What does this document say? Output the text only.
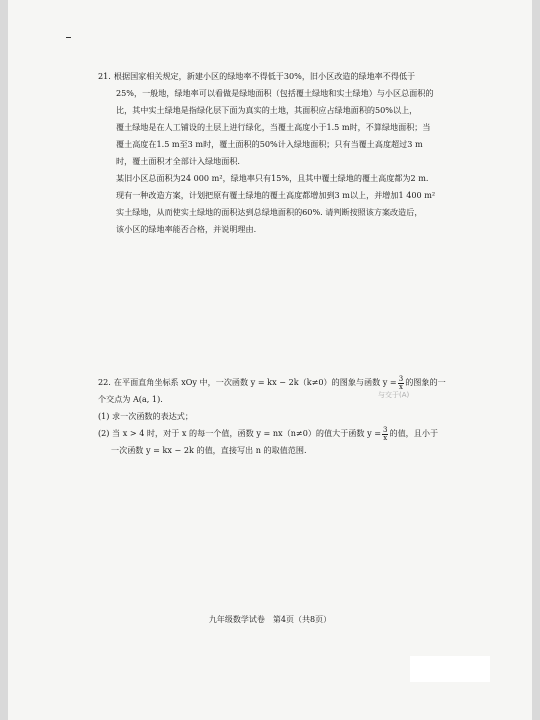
21. 根据国家相关规定，新建小区的绿地率不得低于30%，旧小区改造的绿地率不得低于

25%，一般地，绿地率可以看做是绿地面积（包括覆土绿地和实土绿地）与小区总面积的

比，其中实土绿地是指绿化层下面为真实的土地，其面积应占绿地面积的50%以上，

覆土绿地是在人工铺设的土层上进行绿化，当覆土高度小于1.5 m时，不算绿地面积；当

覆土高度在1.5 m至3 m时，覆土面积的50%计入绿地面积；只有当覆土高度超过3 m

时，覆土面积才全部计入绿地面积.

某旧小区总面积为24 000 m²，绿地率只有15%，且其中覆土绿地的覆土高度都为2 m.

现有一种改造方案，计划把原有覆土绿地的覆土高度都增加到3 m以上，并增加1 400 m²

实土绿地，从而使实土绿地的面积达到总绿地面积的60%. 请判断按照该方案改造后，

该小区的绿地率能否合格，并说明理由.

22. 在平面直角坐标系 xOy 中，一次函数 y = kx − 2k（k≠0）的图象与函数 $y = \frac{3}{x}$ 的图象的一

个交点为 A(a, 1).

(1) 求一次函数的表达式；

(2) 当 x > 4 时，对于 x 的每一个值，函数 y = nx（n≠0）的值大于函数 $y = \frac{3}{x}$ 的值，且小于

一次函数 y = kx − 2k 的值，直接写出 n 的取值范围.

与交于(A)
九年级数学试卷　第4页（共8页）
